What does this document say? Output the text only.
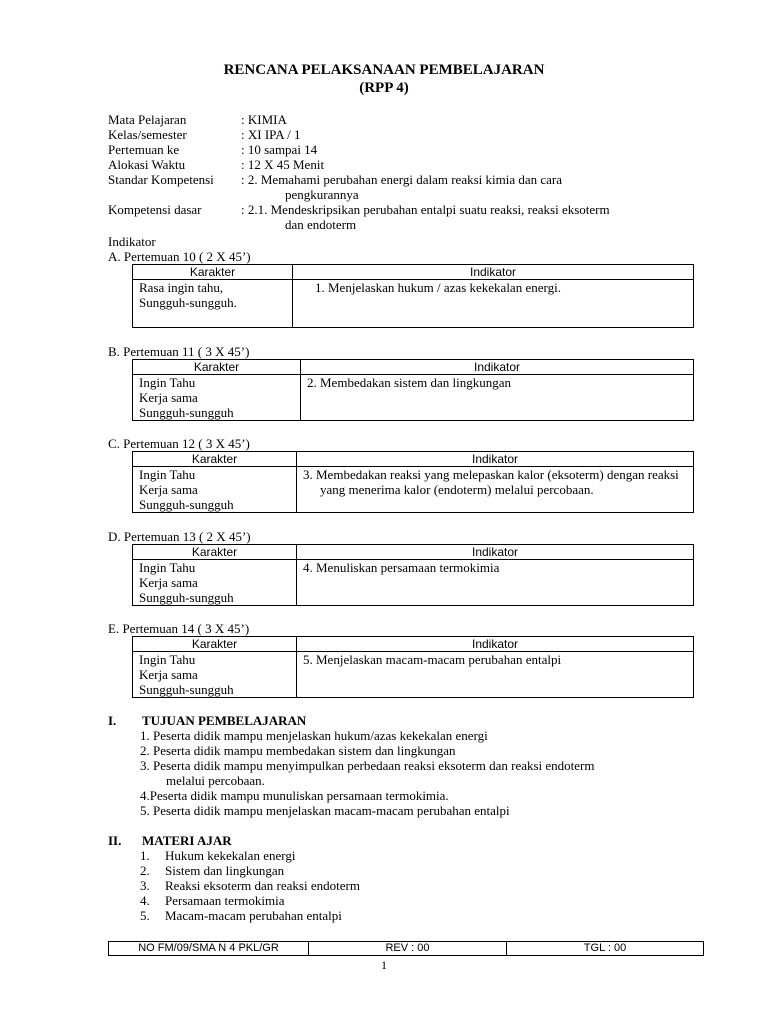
RENCANA PELAKSANAAN PEMBELAJARAN
(RPP 4)
Mata Pelajaran	: KIMIA
Kelas/semester	: XI IPA / 1
Pertemuan ke	: 10 sampai 14
Alokasi Waktu	: 12 X 45 Menit
Standar Kompetensi	: 2. Memahami perubahan energi dalam reaksi kimia dan cara
pengkurannya
Kompetensi dasar	: 2.1. Mendeskripsikan perubahan entalpi suatu reaksi, reaksi eksoterm
dan endoterm
Indikator
A. Pertemuan 10 ( 2 X 45’)
Karakter	Indikator
Rasa ingin tahu,
Sungguh-sungguh.	1. Menjelaskan hukum / azas kekekalan energi.
B. Pertemuan 11 ( 3 X 45’)
Karakter	Indikator
Ingin Tahu
Kerja sama
Sungguh-sungguh	2. Membedakan sistem dan lingkungan
C. Pertemuan 12 ( 3 X 45’)
Karakter	Indikator
Ingin Tahu
Kerja sama
Sungguh-sungguh	3. Membedakan reaksi yang melepaskan kalor (eksoterm) dengan reaksi yang menerima kalor (endoterm) melalui percobaan.
D. Pertemuan 13 ( 2 X 45’)
Karakter	Indikator
Ingin Tahu
Kerja sama
Sungguh-sungguh	4. Menuliskan persamaan termokimia
E. Pertemuan 14 ( 3 X 45’)
Karakter	Indikator
Ingin Tahu
Kerja sama
Sungguh-sungguh	5. Menjelaskan macam-macam perubahan entalpi
I. TUJUAN PEMBELAJARAN
1. Peserta didik mampu menjelaskan hukum/azas kekekalan energi
2. Peserta didik mampu membedakan sistem dan lingkungan
3. Peserta didik mampu menyimpulkan perbedaan reaksi eksoterm dan reaksi endoterm
melalui percobaan.
4.Peserta didik mampu munuliskan persamaan termokimia.
5. Peserta didik mampu menjelaskan macam-macam perubahan entalpi
II. MATERI AJAR
1.	Hukum kekekalan energi
2.	Sistem dan lingkungan
3.	Reaksi eksoterm dan reaksi endoterm
4.	Persamaan termokimia
5.	Macam-macam perubahan entalpi
NO FM/09/SMA N 4 PKL/GR	REV : 00	TGL : 00
1
